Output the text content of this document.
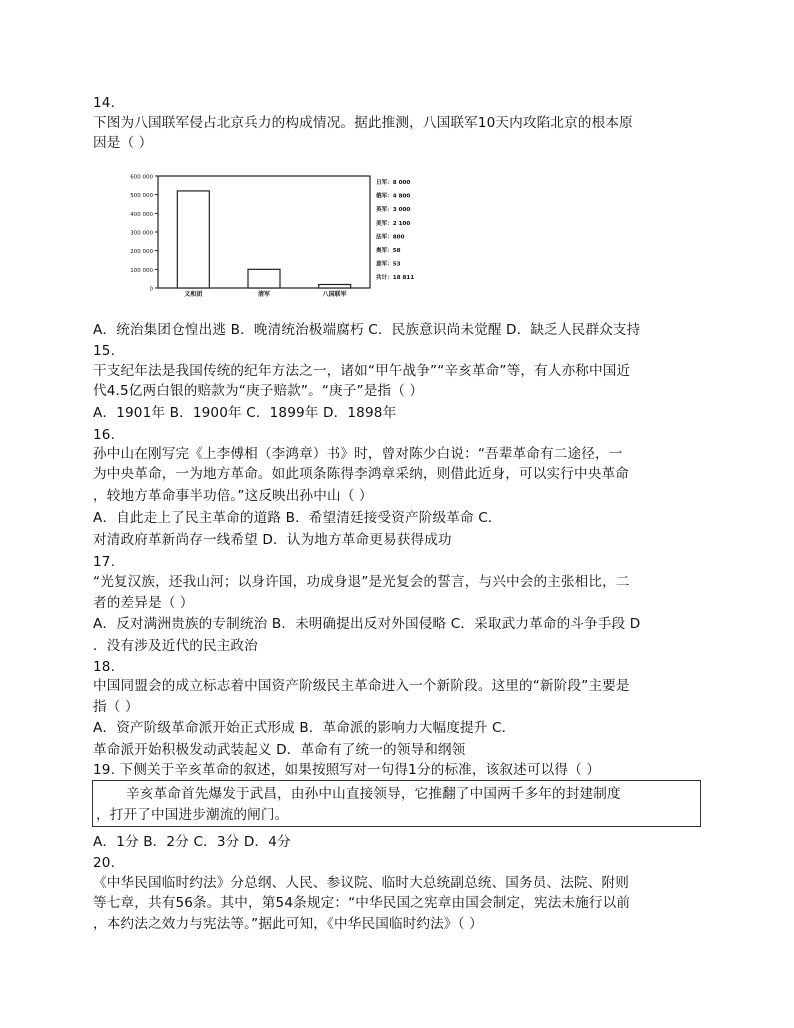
14.
下图为八国联军侵占北京兵力的构成情况。据此推测，八国联军10天内攻陷北京的根本原
因是（ ）
0
100 000
200 000
300 000
400 000
500 000
600 000
义和团	清军	八国联军
日军：8 000
俄军：4 800
英军：3 000
美军：2 100
法军：800
奥军：58
意军：53
共计：18 811
A．统治集团仓惶出逃 B．晚清统治极端腐朽 C．民族意识尚未觉醒 D．缺乏人民群众支持
15.
干支纪年法是我国传统的纪年方法之一，诸如“甲午战争”“辛亥革命”等，有人亦称中国近
代4.5亿两白银的赔款为“庚子赔款”。“庚子”是指（ ）
A．1901年 B．1900年 C．1899年 D．1898年
16.
孙中山在刚写完《上李傅相（李鸿章）书》时，曾对陈少白说：“吾辈革命有二途径，一
为中央革命，一为地方革命。如此项条陈得李鸿章采纳，则借此近身，可以实行中央革命
，较地方革命事半功倍。”这反映出孙中山（ ）
A．自此走上了民主革命的道路 B．希望清廷接受资产阶级革命 C．
对清政府革新尚存一线希望 D．认为地方革命更易获得成功
17.
“光复汉族，还我山河；以身许国，功成身退”是光复会的誓言，与兴中会的主张相比，二
者的差异是（ ）
A．反对满洲贵族的专制统治 B．未明确提出反对外国侵略 C．采取武力革命的斗争手段 D
．没有涉及近代的民主政治
18.
中国同盟会的成立标志着中国资产阶级民主革命进入一个新阶段。这里的“新阶段”主要是
指（ ）
A．资产阶级革命派开始正式形成 B．革命派的影响力大幅度提升 C．
革命派开始积极发动武装起义 D．革命有了统一的领导和纲领
19. 下侧关于辛亥革命的叙述，如果按照写对一句得1分的标准，该叙述可以得（ ）
辛亥革命首先爆发于武昌，由孙中山直接领导，它推翻了中国两千多年的封建制度
，打开了中国进步潮流的闸门。
A．1分 B．2分 C．3分 D．4分
20.
《中华民国临时约法》分总纲、人民、参议院、临时大总统副总统、国务员、法院、附则
等七章，共有56条。其中，第54条规定：“中华民国之宪章由国会制定，宪法未施行以前
，本约法之效力与宪法等。”据此可知，《中华民国临时约法》（ ）
